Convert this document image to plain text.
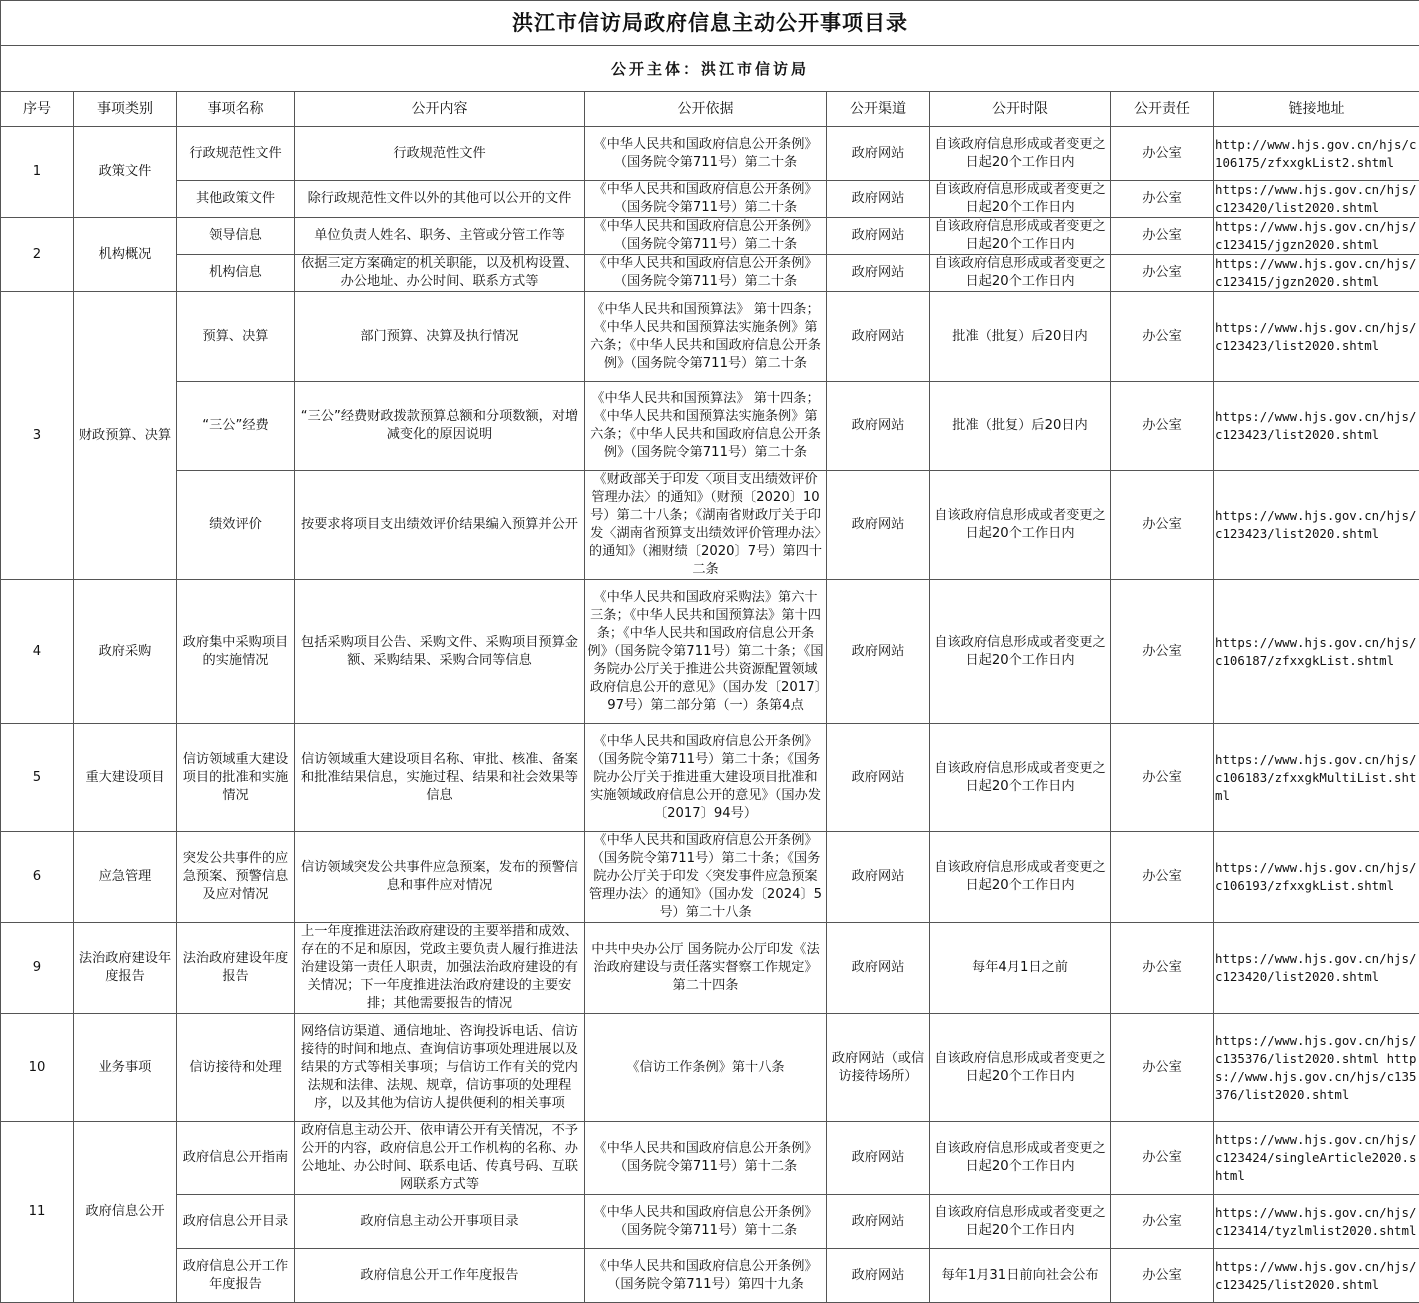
洪江市信访局政府信息主动公开事项目录								
公开主体：洪江市信访局								
序号	事项类别	事项名称	公开内容	公开依据	公开渠道	公开时限	公开责任	链接地址
1	政策文件	行政规范性文件	行政规范性文件	《中华人民共和国政府信息公开条例》（国务院令第711号）第二十条	政府网站	自该政府信息形成或者变更之日起20个工作日内	办公室	http://www.hjs.gov.cn/hjs/c106175/zfxxgkList2.shtml
		其他政策文件	除行政规范性文件以外的其他可以公开的文件	《中华人民共和国政府信息公开条例》（国务院令第711号）第二十条	政府网站	自该政府信息形成或者变更之日起20个工作日内	办公室	https://www.hjs.gov.cn/hjs/c123420/list2020.shtml
2	机构概况	领导信息	单位负责人姓名、职务、主管或分管工作等	《中华人民共和国政府信息公开条例》（国务院令第711号）第二十条	政府网站	自该政府信息形成或者变更之日起20个工作日内	办公室	https://www.hjs.gov.cn/hjs/c123415/jgzn2020.shtml
		机构信息	依据三定方案确定的机关职能，以及机构设置、办公地址、办公时间、联系方式等	《中华人民共和国政府信息公开条例》（国务院令第711号）第二十条	政府网站	自该政府信息形成或者变更之日起20个工作日内	办公室	https://www.hjs.gov.cn/hjs/c123415/jgzn2020.shtml
3	财政预算、决算	预算、决算	部门预算、决算及执行情况	《中华人民共和国预算法》 第十四条；《中华人民共和国预算法实施条例》第六条；《中华人民共和国政府信息公开条例》（国务院令第711号）第二十条	政府网站	批准（批复）后20日内	办公室	https://www.hjs.gov.cn/hjs/c123423/list2020.shtml
		“三公”经费	“三公”经费财政拨款预算总额和分项数额，对增减变化的原因说明	《中华人民共和国预算法》 第十四条；《中华人民共和国预算法实施条例》第六条；《中华人民共和国政府信息公开条例》（国务院令第711号）第二十条	政府网站	批准（批复）后20日内	办公室	https://www.hjs.gov.cn/hjs/c123423/list2020.shtml
		绩效评价	按要求将项目支出绩效评价结果编入预算并公开	《财政部关于印发〈项目支出绩效评价管理办法〉的通知》（财预〔2020〕10号）第二十八条；《湖南省财政厅关于印发〈湖南省预算支出绩效评价管理办法〉的通知》（湘财绩〔2020〕7号）第四十二条	政府网站	自该政府信息形成或者变更之日起20个工作日内	办公室	https://www.hjs.gov.cn/hjs/c123423/list2020.shtml
4	政府采购	政府集中采购项目的实施情况	包括采购项目公告、采购文件、采购项目预算金额、采购结果、采购合同等信息	《中华人民共和国政府采购法》第六十三条；《中华人民共和国预算法》第十四条；《中华人民共和国政府信息公开条例》（国务院令第711号）第二十条；《国务院办公厅关于推进公共资源配置领域政府信息公开的意见》（国办发〔2017〕97号）第二部分第（一）条第4点	政府网站	自该政府信息形成或者变更之日起20个工作日内	办公室	https://www.hjs.gov.cn/hjs/c106187/zfxxgkList.shtml
5	重大建设项目	信访领域重大建设项目的批准和实施情况	信访领域重大建设项目名称、审批、核准、备案和批准结果信息，实施过程、结果和社会效果等信息	《中华人民共和国政府信息公开条例》（国务院令第711号）第二十条；《国务院办公厅关于推进重大建设项目批准和实施领域政府信息公开的意见》（国办发〔2017〕94号）	政府网站	自该政府信息形成或者变更之日起20个工作日内	办公室	https://www.hjs.gov.cn/hjs/c106183/zfxxgkMultiList.shtml
6	应急管理	突发公共事件的应急预案、预警信息及应对情况	信访领域突发公共事件应急预案，发布的预警信息和事件应对情况	《中华人民共和国政府信息公开条例》（国务院令第711号）第二十条；《国务院办公厅关于印发〈突发事件应急预案管理办法〉的通知》（国办发〔2024〕5号）第二十八条	政府网站	自该政府信息形成或者变更之日起20个工作日内	办公室	https://www.hjs.gov.cn/hjs/c106193/zfxxgkList.shtml
9	法治政府建设年度报告	法治政府建设年度报告	上一年度推进法治政府建设的主要举措和成效、存在的不足和原因，党政主要负责人履行推进法治建设第一责任人职责，加强法治政府建设的有关情况；下一年度推进法治政府建设的主要安排；其他需要报告的情况	中共中央办公厅 国务院办公厅印发《法治政府建设与责任落实督察工作规定》第二十四条	政府网站	每年4月1日之前	办公室	https://www.hjs.gov.cn/hjs/c123420/list2020.shtml
10	业务事项	信访接待和处理	网络信访渠道、通信地址、咨询投诉电话、信访接待的时间和地点、查询信访事项处理进展以及结果的方式等相关事项；与信访工作有关的党内法规和法律、法规、规章，信访事项的处理程序，以及其他为信访人提供便利的相关事项	《信访工作条例》第十八条	政府网站（或信访接待场所）	自该政府信息形成或者变更之日起20个工作日内	办公室	https://www.hjs.gov.cn/hjs/c135376/list2020.shtml https://www.hjs.gov.cn/hjs/c135376/list2020.shtml
11	政府信息公开	政府信息公开指南	政府信息主动公开、依申请公开有关情况，不予公开的内容，政府信息公开工作机构的名称、办公地址、办公时间、联系电话、传真号码、互联网联系方式等	《中华人民共和国政府信息公开条例》（国务院令第711号）第十二条	政府网站	自该政府信息形成或者变更之日起20个工作日内	办公室	https://www.hjs.gov.cn/hjs/c123424/singleArticle2020.shtml
		政府信息公开目录	政府信息主动公开事项目录	《中华人民共和国政府信息公开条例》（国务院令第711号）第十二条	政府网站	自该政府信息形成或者变更之日起20个工作日内	办公室	https://www.hjs.gov.cn/hjs/c123414/tyzlmlist2020.shtml
		政府信息公开工作年度报告	政府信息公开工作年度报告	《中华人民共和国政府信息公开条例》（国务院令第711号）第四十九条	政府网站	每年1月31日前向社会公布	办公室	https://www.hjs.gov.cn/hjs/c123425/list2020.shtml
